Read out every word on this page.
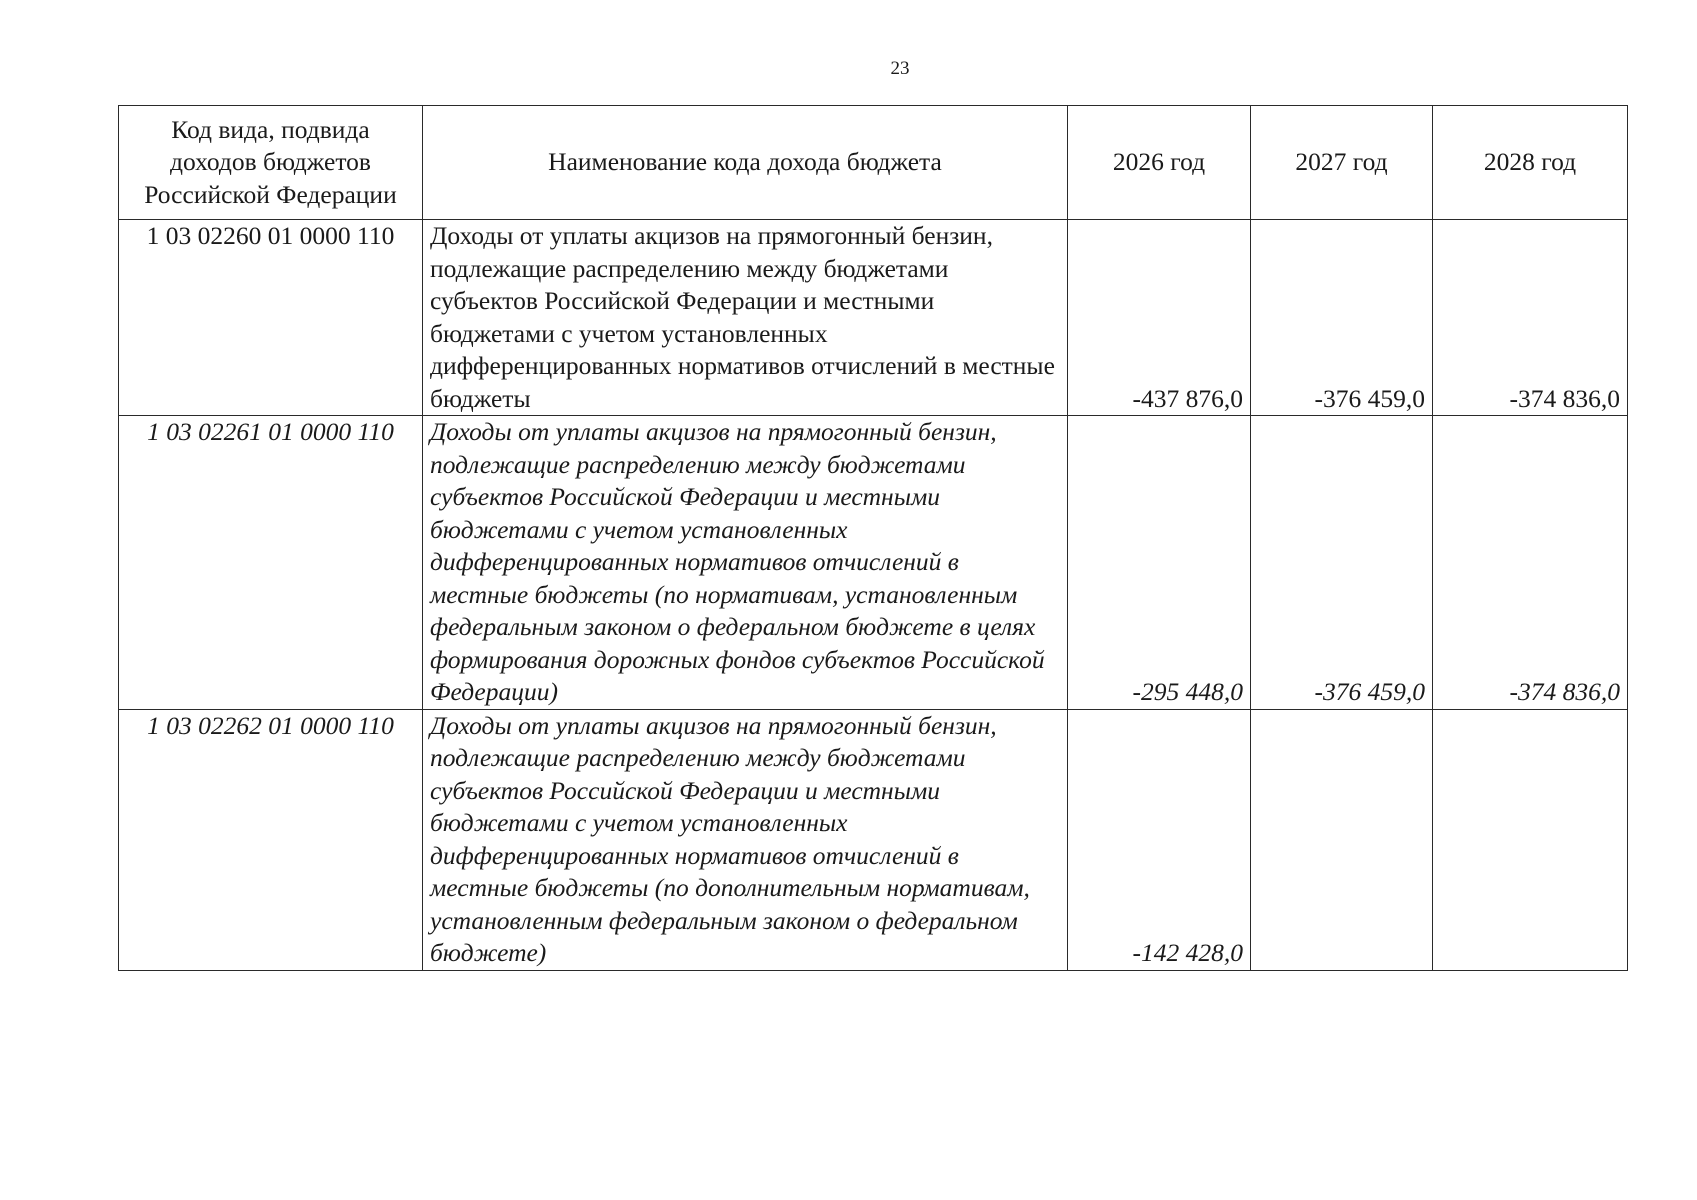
23
Код вида, подвида доходов бюджетов Российской Федерации	Наименование кода дохода бюджета	2026 год	2027 год	2028 год
1 03 02260 01 0000 110	Доходы от уплаты акцизов на прямогонный бензин, подлежащие распределению между бюджетами субъектов Российской Федерации и местными бюджетами с учетом установленных дифференцированных нормативов отчислений в местные бюджеты	-437 876,0	-376 459,0	-374 836,0
1 03 02261 01 0000 110	Доходы от уплаты акцизов на прямогонный бензин, подлежащие распределению между бюджетами субъектов Российской Федерации и местными бюджетами с учетом установленных дифференцированных нормативов отчислений в местные бюджеты (по нормативам, установленным федеральным законом о федеральном бюджете в целях формирования дорожных фондов субъектов Российской Федерации)	-295 448,0	-376 459,0	-374 836,0
1 03 02262 01 0000 110	Доходы от уплаты акцизов на прямогонный бензин, подлежащие распределению между бюджетами субъектов Российской Федерации и местными бюджетами с учетом установленных дифференцированных нормативов отчислений в местные бюджеты (по дополнительным нормативам, установленным федеральным законом о федеральном бюджете)	-142 428,0		
